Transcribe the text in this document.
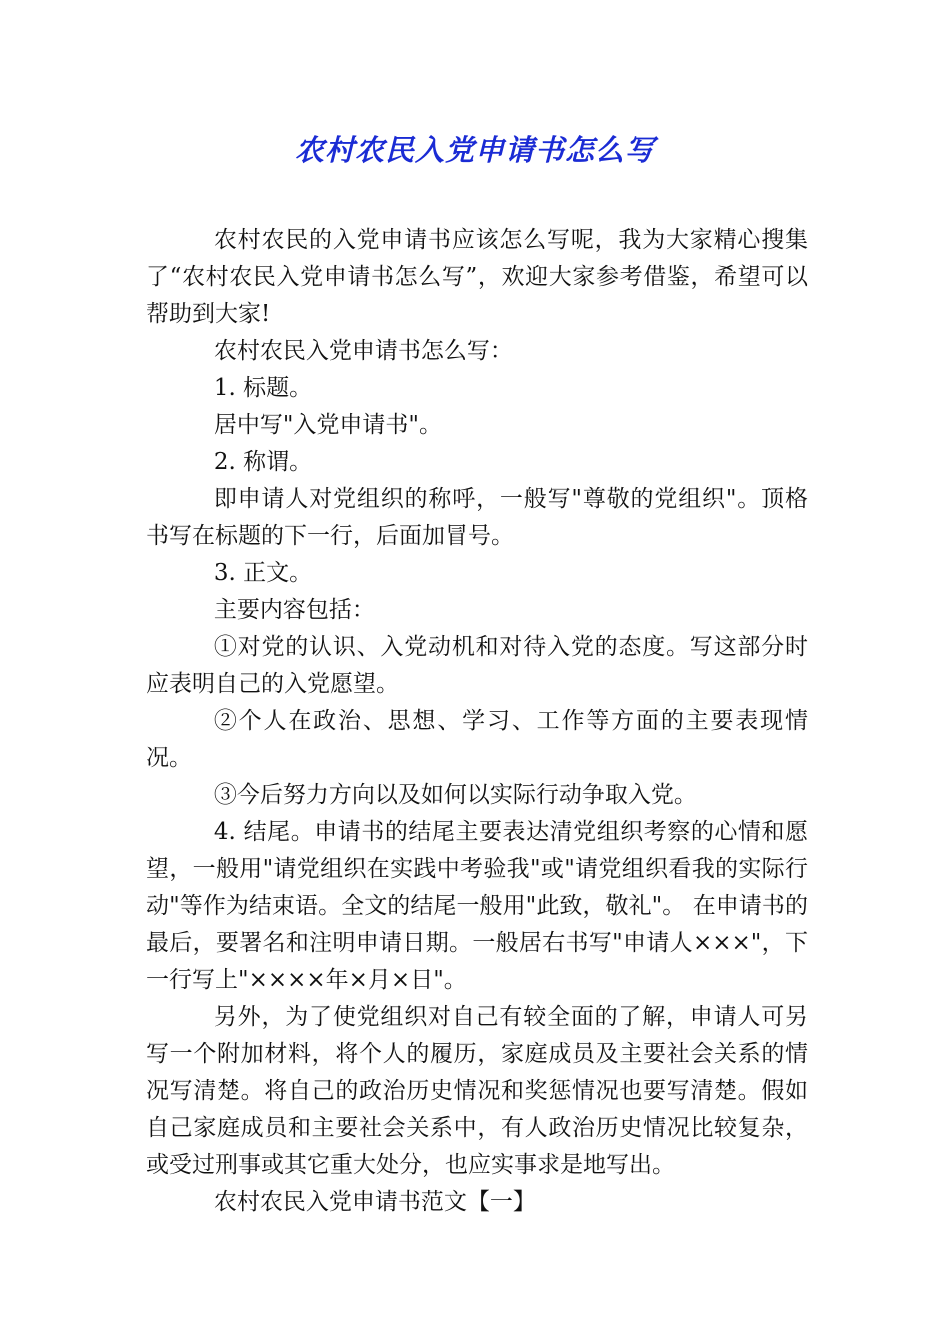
农村农民入党申请书怎么写

农村农民的入党申请书应该怎么写呢，我为大家精心搜集了“农村农民入党申请书怎么写”，欢迎大家参考借鉴，希望可以帮助到大家!

农村农民入党申请书怎么写：

1. 标题。

居中写"入党申请书"。

2. 称谓。

即申请人对党组织的称呼，一般写"尊敬的党组织"。顶格书写在标题的下一行，后面加冒号。

3. 正文。

主要内容包括：

①对党的认识、入党动机和对待入党的态度。写这部分时应表明自己的入党愿望。

②个人在政治、思想、学习、工作等方面的主要表现情况。

③今后努力方向以及如何以实际行动争取入党。

4. 结尾。申请书的结尾主要表达清党组织考察的心情和愿望，一般用"请党组织在实践中考验我"或"请党组织看我的实际行动"等作为结束语。全文的结尾一般用"此致，敬礼"。 在申请书的最后，要署名和注明申请日期。一般居右书写"申请人×××"，下一行写上"××××年×月×日"。

另外，为了使党组织对自己有较全面的了解，申请人可另写一个附加材料，将个人的履历，家庭成员及主要社会关系的情况写清楚。将自己的政治历史情况和奖惩情况也要写清楚。假如自己家庭成员和主要社会关系中，有人政治历史情况比较复杂，或受过刑事或其它重大处分，也应实事求是地写出。

农村农民入党申请书范文【一】
